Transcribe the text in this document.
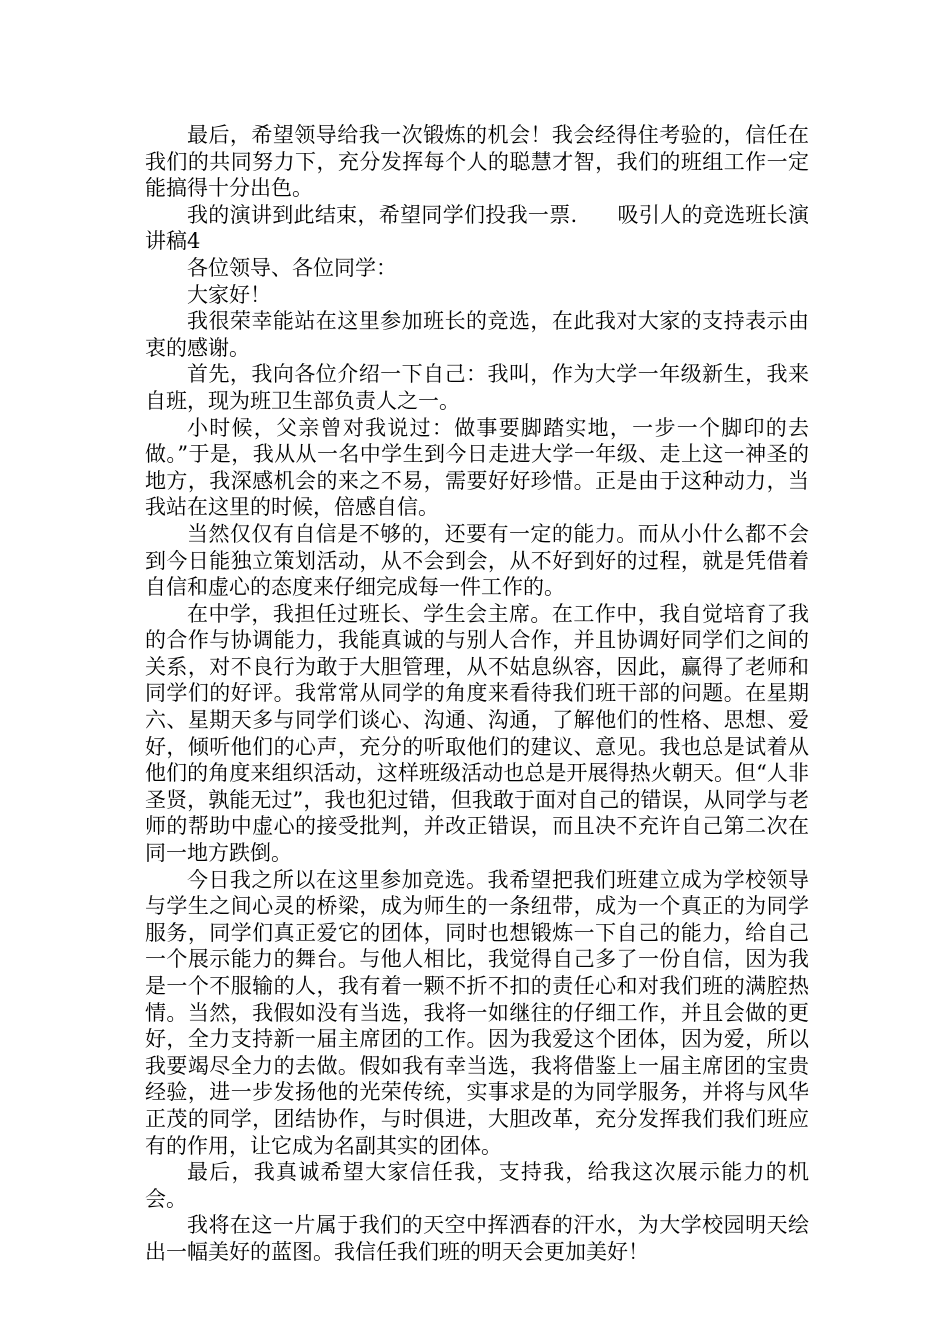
最后，希望领导给我一次锻炼的机会！我会经得住考验的，信任在我们的共同努力下，充分发挥每个人的聪慧才智，我们的班组工作一定能搞得十分出色。

我的演讲到此结束，希望同学们投我一票. 吸引人的竞选班长演讲稿4

各位领导、各位同学：

大家好！

我很荣幸能站在这里参加班长的竞选，在此我对大家的支持表示由衷的感谢。

首先，我向各位介绍一下自己：我叫，作为大学一年级新生，我来自班，现为班卫生部负责人之一。

小时候，父亲曾对我说过：做事要脚踏实地，一步一个脚印的去做。”于是，我从从一名中学生到今日走进大学一年级、走上这一神圣的地方，我深感机会的来之不易，需要好好珍惜。正是由于这种动力，当我站在这里的时候，倍感自信。

当然仅仅有自信是不够的，还要有一定的能力。而从小什么都不会到今日能独立策划活动，从不会到会，从不好到好的过程，就是凭借着自信和虚心的态度来仔细完成每一件工作的。

在中学，我担任过班长、学生会主席。在工作中，我自觉培育了我的合作与协调能力，我能真诚的与别人合作，并且协调好同学们之间的关系，对不良行为敢于大胆管理，从不姑息纵容，因此，赢得了老师和同学们的好评。我常常从同学的角度来看待我们班干部的问题。在星期六、星期天多与同学们谈心、沟通、沟通，了解他们的性格、思想、爱好，倾听他们的心声，充分的听取他们的建议、意见。我也总是试着从他们的角度来组织活动，这样班级活动也总是开展得热火朝天。但“人非圣贤，孰能无过”，我也犯过错，但我敢于面对自己的错误，从同学与老师的帮助中虚心的接受批判，并改正错误，而且决不充许自己第二次在同一地方跌倒。

今日我之所以在这里参加竞选。我希望把我们班建立成为学校领导与学生之间心灵的桥梁，成为师生的一条纽带，成为一个真正的为同学服务，同学们真正爱它的团体，同时也想锻炼一下自己的能力，给自己一个展示能力的舞台。与他人相比，我觉得自己多了一份自信，因为我是一个不服输的人，我有着一颗不折不扣的责任心和对我们班的满腔热情。当然，我假如没有当选，我将一如继往的仔细工作，并且会做的更好，全力支持新一届主席团的工作。因为我爱这个团体，因为爱，所以我要竭尽全力的去做。假如我有幸当选，我将借鉴上一届主席团的宝贵经验，进一步发扬他的光荣传统，实事求是的为同学服务，并将与风华正茂的同学，团结协作，与时俱进，大胆改革，充分发挥我们我们班应有的作用，让它成为名副其实的团体。

最后，我真诚希望大家信任我，支持我，给我这次展示能力的机会。

我将在这一片属于我们的天空中挥洒春的汗水，为大学校园明天绘出一幅美好的蓝图。我信任我们班的明天会更加美好！
